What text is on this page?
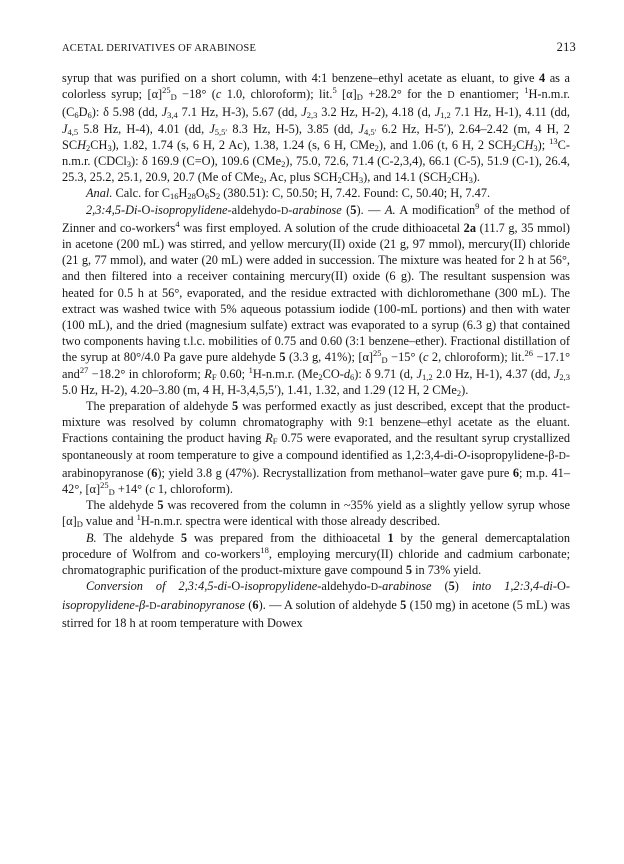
ACETAL DERIVATIVES OF ARABINOSE	213

syrup that was purified on a short column, with 4:1 benzene–ethyl acetate as eluant, to give 4 as a colorless syrup; $[\alpha]^{25}_D -18^\circ$ (c 1.0, chloroform); lit.$^5$ $[\alpha]_D +28.2^\circ$ for the D enantiomer; $^1$H-n.m.r. $(C_6D_6)$: δ 5.98 (dd, $J_{3,4}$ 7.1 Hz, H-3), 5.67 (dd, $J_{2,3}$ 3.2 Hz, H-2), 4.18 (d, $J_{1,2}$ 7.1 Hz, H-1), 4.11 (dd, $J_{4,5}$ 5.8 Hz, H-4), 4.01 (dd, $J_{5,5'}$ 8.3 Hz, H-5), 3.85 (dd, $J_{4,5'}$ 6.2 Hz, H-5′), 2.64–2.42 (m, 4 H, 2 $SCH_2CH_3$), 1.82, 1.74 (s, 6 H, 2 Ac), 1.38, 1.24 (s, 6 H, CMe$_2$), and 1.06 (t, 6 H, 2 $SCH_2CH_3$); $^{13}$C-n.m.r. (CDCl$_3$): δ 169.9 (C=O), 109.6 (CMe$_2$), 75.0, 72.6, 71.4 (C-2,3,4), 66.1 (C-5), 51.9 (C-1), 26.4, 25.3, 25.2, 25.1, 20.9, 20.7 (Me of CMe$_2$, Ac, plus $SCH_2CH_3$), and 14.1 $(SCH_2CH_3)$.

Anal. Calc. for $C_{16}H_{28}O_6S_2$ (380.51): C, 50.50; H, 7.42. Found: C, 50.40; H, 7.47.

2,3:4,5-Di-O-isopropylidene-aldehydo-D-arabinose (5). — A. A modification$^9$ of the method of Zinner and co-workers$^4$ was first employed. A solution of the crude dithioacetal 2a (11.7 g, 35 mmol) in acetone (200 mL) was stirred, and yellow mercury(II) oxide (21 g, 97 mmol), mercury(II) chloride (21 g, 77 mmol), and water (20 mL) were added in succession. The mixture was heated for 2 h at 56°, and then filtered into a receiver containing mercury(II) oxide (6 g). The resultant suspension was heated for 0.5 h at 56°, evaporated, and the residue extracted with dichloromethane (300 mL). The extract was washed twice with 5% aqueous potassium iodide (100-mL portions) and then with water (100 mL), and the dried (magnesium sulfate) extract was evaporated to a syrup (6.3 g) that contained two components having t.l.c. mobilities of 0.75 and 0.60 (3:1 benzene–ether). Fractional distillation of the syrup at 80°/4.0 Pa gave pure aldehyde 5 (3.3 g, 41%); $[\alpha]^{25}_D -15^\circ$ (c 2, chloroform); lit.$^{26}$ −17.1° and$^{27}$ −18.2° in chloroform; $R_F$ 0.60; $^1$H-n.m.r. $(Me_2CO-d_6)$: δ 9.71 (d, $J_{1,2}$ 2.0 Hz, H-1), 4.37 (dd, $J_{2,3}$ 5.0 Hz, H-2), 4.20–3.80 (m, 4 H, H-3,4,5,5′), 1.41, 1.32, and 1.29 (12 H, 2 CMe$_2$).

The preparation of aldehyde 5 was performed exactly as just described, except that the product-mixture was resolved by column chromatography with 9:1 benzene–ethyl acetate as the eluant. Fractions containing the product having $R_F$ 0.75 were evaporated, and the resultant syrup crystallized spontaneously at room temperature to give a compound identified as 1,2:3,4-di-O-isopropylidene-β-D-arabinopyranose (6); yield 3.8 g (47%). Recrystallization from methanol–water gave pure 6; m.p. 41–42°, $[\alpha]^{25}_D +14^\circ$ (c 1, chloroform).

The aldehyde 5 was recovered from the column in ~35% yield as a slightly yellow syrup whose $[\alpha]_D$ value and $^1$H-n.m.r. spectra were identical with those already described.

B. The aldehyde 5 was prepared from the dithioacetal 1 by the general demercaptalation procedure of Wolfrom and co-workers$^{18}$, employing mercury(II) chloride and cadmium carbonate; chromatographic purification of the product-mixture gave compound 5 in 73% yield.

Conversion of 2,3:4,5-di-O-isopropylidene-aldehydo-D-arabinose (5) into 1,2:3,4-di-O-isopropylidene-β-D-arabinopyranose (6). — A solution of aldehyde 5 (150 mg) in acetone (5 mL) was stirred for 18 h at room temperature with Dowex
